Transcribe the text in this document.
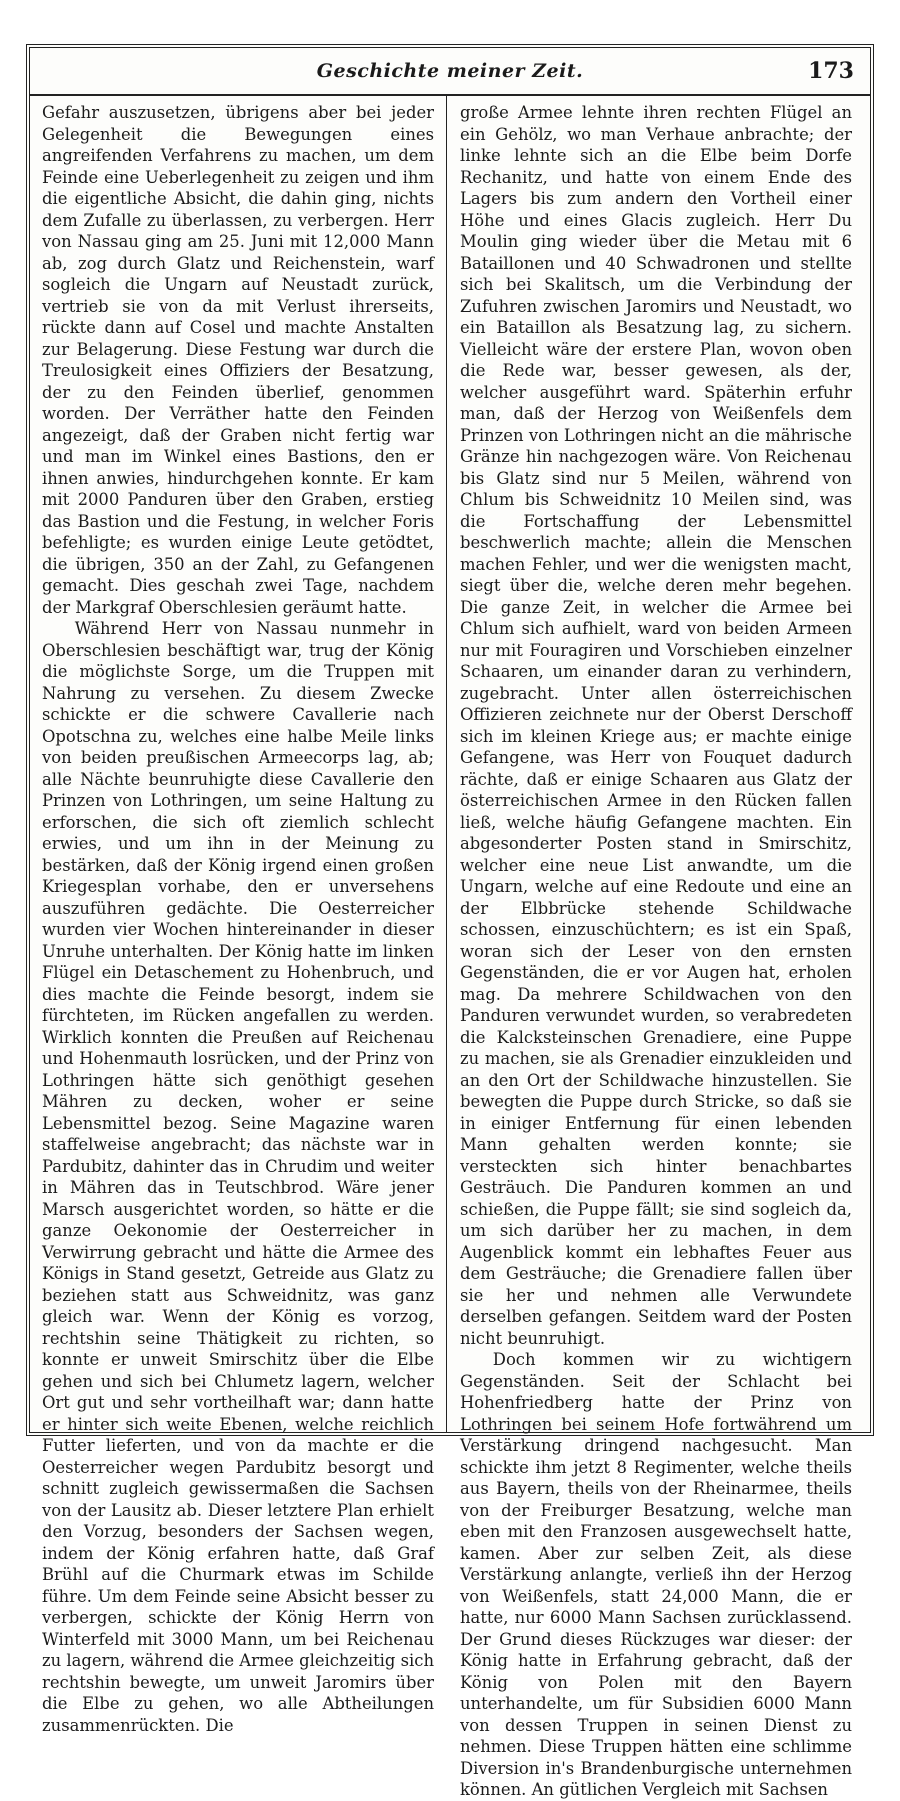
Geschichte meiner Zeit.	173

Gefahr auszusetzen, übrigens aber bei jeder Gelegenheit die Bewegungen eines angreifenden Verfahrens zu machen, um dem Feinde eine Ueberlegenheit zu zeigen und ihm die eigentliche Absicht, die dahin ging, nichts dem Zufalle zu überlassen, zu verbergen. Herr von Nassau ging am 25. Juni mit 12,000 Mann ab, zog durch Glatz und Reichenstein, warf sogleich die Ungarn auf Neustadt zurück, vertrieb sie von da mit Verlust ihrerseits, rückte dann auf Cosel und machte Anstalten zur Belagerung. Diese Festung war durch die Treulosigkeit eines Offiziers der Besatzung, der zu den Feinden überlief, genommen worden. Der Verräther hatte den Feinden angezeigt, daß der Graben nicht fertig war und man im Winkel eines Bastions, den er ihnen anwies, hindurchgehen konnte. Er kam mit 2000 Panduren über den Graben, erstieg das Bastion und die Festung, in welcher Foris befehligte; es wurden einige Leute getödtet, die übrigen, 350 an der Zahl, zu Gefangenen gemacht. Dies geschah zwei Tage, nachdem der Markgraf Oberschlesien geräumt hatte.

Während Herr von Nassau nunmehr in Oberschlesien beschäftigt war, trug der König die möglichste Sorge, um die Truppen mit Nahrung zu versehen. Zu diesem Zwecke schickte er die schwere Cavallerie nach Opotschna zu, welches eine halbe Meile links von beiden preußischen Armeecorps lag, ab; alle Nächte beunruhigte diese Cavallerie den Prinzen von Lothringen, um seine Haltung zu erforschen, die sich oft ziemlich schlecht erwies, und um ihn in der Meinung zu bestärken, daß der König irgend einen großen Kriegesplan vorhabe, den er unversehens auszuführen gedächte. Die Oesterreicher wurden vier Wochen hintereinander in dieser Unruhe unterhalten. Der König hatte im linken Flügel ein Detaschement zu Hohenbruch, und dies machte die Feinde besorgt, indem sie fürchteten, im Rücken angefallen zu werden. Wirklich konnten die Preußen auf Reichenau und Hohenmauth losrücken, und der Prinz von Lothringen hätte sich genöthigt gesehen Mähren zu decken, woher er seine Lebensmittel bezog. Seine Magazine waren staffelweise angebracht; das nächste war in Pardubitz, dahinter das in Chrudim und weiter in Mähren das in Teutschbrod. Wäre jener Marsch ausgerichtet worden, so hätte er die ganze Oekonomie der Oesterreicher in Verwirrung gebracht und hätte die Armee des Königs in Stand gesetzt, Getreide aus Glatz zu beziehen statt aus Schweidnitz, was ganz gleich war. Wenn der König es vorzog, rechtshin seine Thätigkeit zu richten, so konnte er unweit Smirschitz über die Elbe gehen und sich bei Chlumetz lagern, welcher Ort gut und sehr vortheilhaft war; dann hatte er hinter sich weite Ebenen, welche reichlich Futter lieferten, und von da machte er die Oesterreicher wegen Pardubitz besorgt und schnitt zugleich gewissermaßen die Sachsen von der Lausitz ab. Dieser letztere Plan erhielt den Vorzug, besonders der Sachsen wegen, indem der König erfahren hatte, daß Graf Brühl auf die Churmark etwas im Schilde führe. Um dem Feinde seine Absicht besser zu verbergen, schickte der König Herrn von Winterfeld mit 3000 Mann, um bei Reichenau zu lagern, während die Armee gleichzeitig sich rechtshin bewegte, um unweit Jaromirs über die Elbe zu gehen, wo alle Abtheilungen zusammenrückten. Die

große Armee lehnte ihren rechten Flügel an ein Gehölz, wo man Verhaue anbrachte; der linke lehnte sich an die Elbe beim Dorfe Rechanitz, und hatte von einem Ende des Lagers bis zum andern den Vortheil einer Höhe und eines Glacis zugleich. Herr Du Moulin ging wieder über die Metau mit 6 Bataillonen und 40 Schwadronen und stellte sich bei Skalitsch, um die Verbindung der Zufuhren zwischen Jaromirs und Neustadt, wo ein Bataillon als Besatzung lag, zu sichern. Vielleicht wäre der erstere Plan, wovon oben die Rede war, besser gewesen, als der, welcher ausgeführt ward. Späterhin erfuhr man, daß der Herzog von Weißenfels dem Prinzen von Lothringen nicht an die mährische Gränze hin nachgezogen wäre. Von Reichenau bis Glatz sind nur 5 Meilen, während von Chlum bis Schweidnitz 10 Meilen sind, was die Fortschaffung der Lebensmittel beschwerlich machte; allein die Menschen machen Fehler, und wer die wenigsten macht, siegt über die, welche deren mehr begehen. Die ganze Zeit, in welcher die Armee bei Chlum sich aufhielt, ward von beiden Armeen nur mit Fouragiren und Vorschieben einzelner Schaaren, um einander daran zu verhindern, zugebracht. Unter allen österreichischen Offizieren zeichnete nur der Oberst Derschoff sich im kleinen Kriege aus; er machte einige Gefangene, was Herr von Fouquet dadurch rächte, daß er einige Schaaren aus Glatz der österreichischen Armee in den Rücken fallen ließ, welche häufig Gefangene machten. Ein abgesonderter Posten stand in Smirschitz, welcher eine neue List anwandte, um die Ungarn, welche auf eine Redoute und eine an der Elbbrücke stehende Schildwache schossen, einzuschüchtern; es ist ein Spaß, woran sich der Leser von den ernsten Gegenständen, die er vor Augen hat, erholen mag. Da mehrere Schildwachen von den Panduren verwundet wurden, so verabredeten die Kalcksteinschen Grenadiere, eine Puppe zu machen, sie als Grenadier einzukleiden und an den Ort der Schildwache hinzustellen. Sie bewegten die Puppe durch Stricke, so daß sie in einiger Entfernung für einen lebenden Mann gehalten werden konnte; sie versteckten sich hinter benachbartes Gesträuch. Die Panduren kommen an und schießen, die Puppe fällt; sie sind sogleich da, um sich darüber her zu machen, in dem Augenblick kommt ein lebhaftes Feuer aus dem Gesträuche; die Grenadiere fallen über sie her und nehmen alle Verwundete derselben gefangen. Seitdem ward der Posten nicht beunruhigt.

Doch kommen wir zu wichtigern Gegenständen. Seit der Schlacht bei Hohenfriedberg hatte der Prinz von Lothringen bei seinem Hofe fortwährend um Verstärkung dringend nachgesucht. Man schickte ihm jetzt 8 Regimenter, welche theils aus Bayern, theils von der Rheinarmee, theils von der Freiburger Besatzung, welche man eben mit den Franzosen ausgewechselt hatte, kamen. Aber zur selben Zeit, als diese Verstärkung anlangte, verließ ihn der Herzog von Weißenfels, statt 24,000 Mann, die er hatte, nur 6000 Mann Sachsen zurücklassend. Der Grund dieses Rückzuges war dieser: der König hatte in Erfahrung gebracht, daß der König von Polen mit den Bayern unterhandelte, um für Subsidien 6000 Mann von dessen Truppen in seinen Dienst zu nehmen. Diese Truppen hätten eine schlimme Diversion in's Brandenburgische unternehmen können. An gütlichen Vergleich mit Sachsen
